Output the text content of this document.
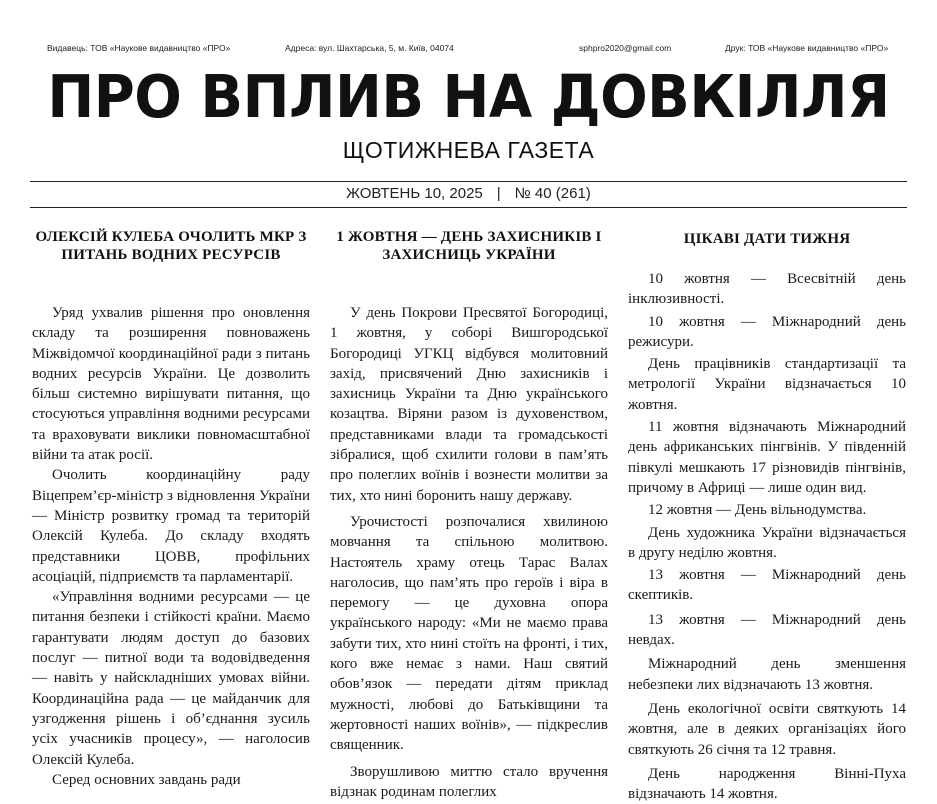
Видавець: ТОВ «Наукове видавництво «ПРО»	Адреса: вул. Шахтарська, 5, м. Київ, 04074	sphpro2020@gmail.com	Друк: ТОВ «Наукове видавництво «ПРО»
ПРО ВПЛИВ НА ДОВКІЛЛЯ
ЩОТИЖНЕВА ГАЗЕТА
ЖОВТЕНЬ 10, 2025 | № 40 (261)
ОЛЕКСІЙ КУЛЕБА ОЧОЛИТЬ МКР З ПИТАНЬ ВОДНИХ РЕСУРСІВ

Уряд ухвалив рішення про оновлення складу та розширення повноважень Міжвідомчої координаційної ради з питань водних ресурсів України. Це дозволить більш системно вирішувати питання, що стосуються управління водними ресурсами та враховувати виклики повномасштабної війни та атак росії.

Очолить координаційну раду Віцепрем’єр-міністр з відновлення України — Міністр розвитку громад та територій Олексій Кулеба. До складу входять представники ЦОВВ, профільних асоціацій, підприємств та парламентарії.

«Управління водними ресурсами — це питання безпеки і стійкості країни. Маємо гарантувати людям доступ до базових послуг — питної води та водовідведення — навіть у найскладніших умовах війни. Координаційна рада — це майданчик для узгодження рішень і об’єднання зусиль усіх учасників процесу», — наголосив Олексій Кулеба.

Серед основних завдань ради

1 ЖОВТНЯ — ДЕНЬ ЗАХИСНИКІВ І ЗАХИСНИЦЬ УКРАЇНИ

У день Покрови Пресвятої Богородиці, 1 жовтня, у соборі Вишгородської Богородиці УГКЦ відбувся молитовний захід, присвячений Дню захисників і захисниць України та Дню українського козацтва. Віряни разом із духовенством, представниками влади та громадськості зібралися, щоб схилити голови в пам’ять про полеглих воїнів і вознести молитви за тих, хто нині боронить нашу державу.

Урочистості розпочалися хвилиною мовчання та спільною молитвою. Настоятель храму отець Тарас Валах наголосив, що пам’ять про героїв і віра в перемогу — це духовна опора українського народу: «Ми не маємо права забути тих, хто нині стоїть на фронті, і тих, кого вже немає з нами. Наш святий обов’язок — передати дітям приклад мужності, любові до Батьківщини та жертовності наших воїнів», — підкреслив священник.

Зворушливою миттю стало вручення відзнак родинам полеглих

ЦІКАВІ ДАТИ ТИЖНЯ

10 жовтня — Всесвітній день інклюзивності.

10 жовтня — Міжнародний день режисури.

День працівників стандартизації та метрології України відзначається 10 жовтня.

11 жовтня відзначають Міжнародний день африканських пінгвінів. У південній півкулі мешкають 17 різновидів пінгвінів, причому в Африці — лише один вид.

12 жовтня — День вільнодумства.

День художника України відзначається в другу неділю жовтня.

13 жовтня — Міжнародний день скептиків.

13 жовтня — Міжнародний день невдах.

Міжнародний день зменшення небезпеки лих відзначають 13 жовтня.

День екологічної освіти святкують 14 жовтня, але в деяких організаціях його святкують 26 січня та 12 травня.

День народження Вінні-Пуха відзначають 14 жовтня.
